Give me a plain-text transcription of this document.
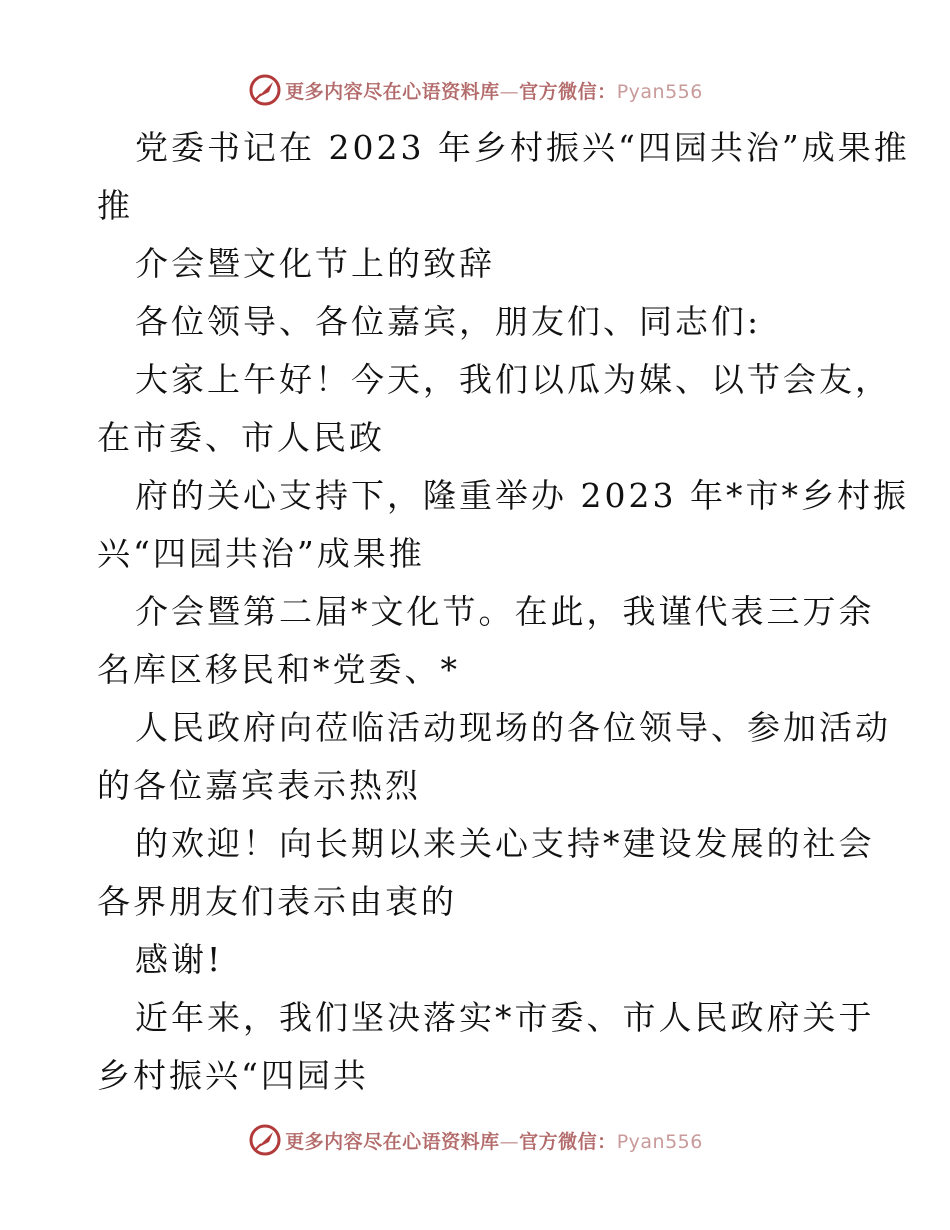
更多内容尽在心语资料库—官方微信：Pyan556
党委书记在 2023 年乡村振兴“四园共治”成果推
推
介会暨文化节上的致辞
各位领导、各位嘉宾，朋友们、同志们:
大家上午好！今天，我们以瓜为媒、以节会友，
在市委、市人民政
府的关心支持下，隆重举办 2023 年*市*乡村振
兴“四园共治”成果推
介会暨第二届*文化节。在此，我谨代表三万余
名库区移民和*党委、*
人民政府向莅临活动现场的各位领导、参加活动
的各位嘉宾表示热烈
的欢迎！向长期以来关心支持*建设发展的社会
各界朋友们表示由衷的
感谢!
近年来，我们坚决落实*市委、市人民政府关于
乡村振兴“四园共
更多内容尽在心语资料库—官方微信：Pyan556
